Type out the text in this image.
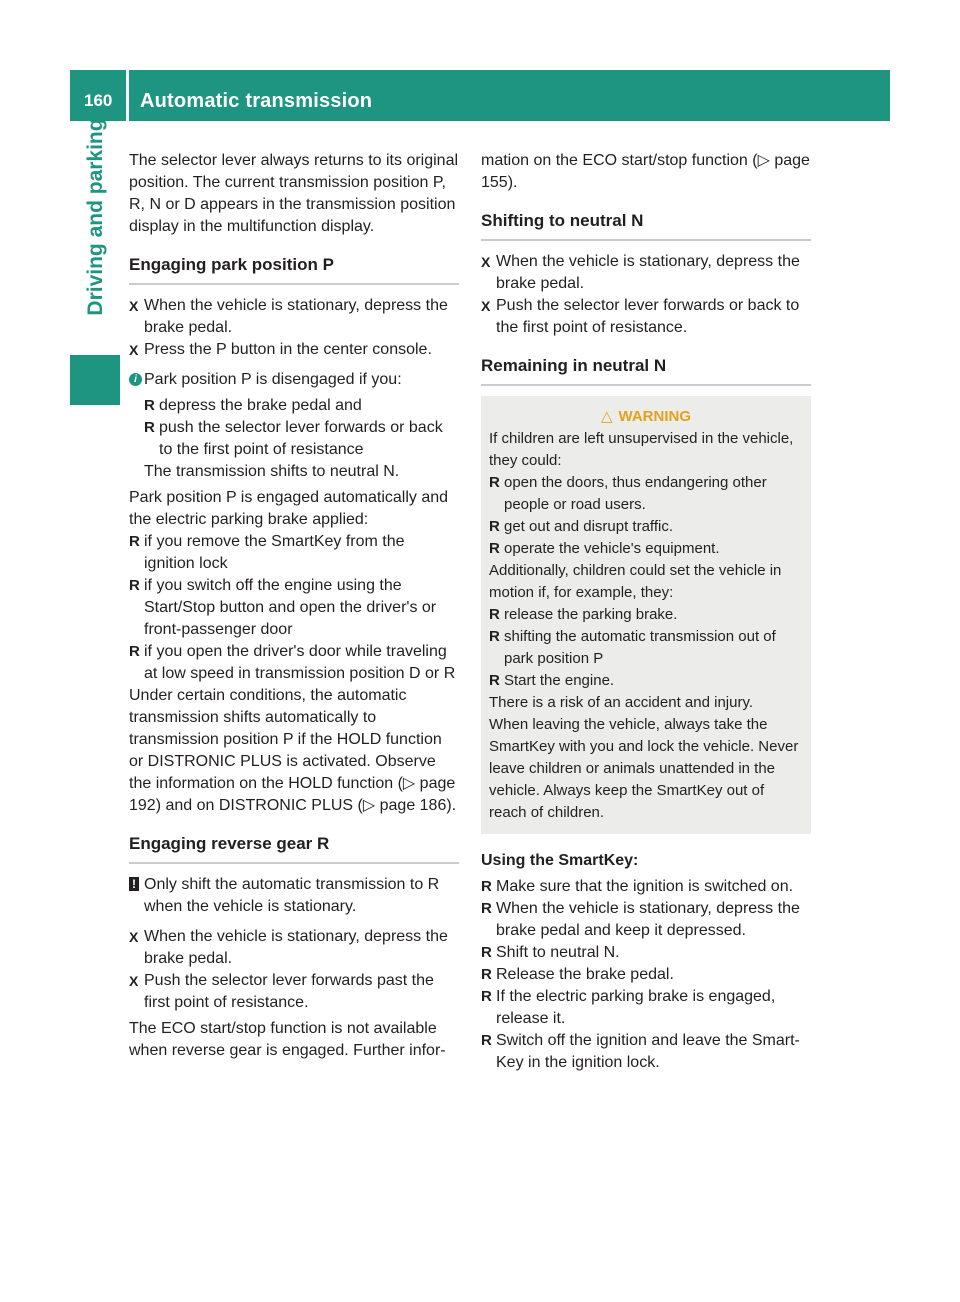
160	Automatic transmission
Driving and parking The selector lever always returns to its original position. The current transmission position P, R, N or D appears in the transmission position display in the multifunction display.

Engaging park position P

X When the vehicle is stationary, depress the brake pedal.

X Press the P button in the center console.

i Park position P is disengaged if you:

R depress the brake pedal and

R push the selector lever forwards or back to the first point of resistance

The transmission shifts to neutral N.

Park position P is engaged automatically and the electric parking brake applied:

R if you remove the SmartKey from the ignition lock

R if you switch off the engine using the Start/Stop button and open the driver's or front-passenger door

R if you open the driver's door while traveling at low speed in transmission position D or R

Under certain conditions, the automatic transmission shifts automatically to transmission position P if the HOLD function or DISTRONIC PLUS is activated. Observe the information on the HOLD function (▷ page 192) and on DISTRONIC PLUS (▷ page 186).

Engaging reverse gear R

! Only shift the automatic transmission to R when the vehicle is stationary.

X When the vehicle is stationary, depress the brake pedal.

X Push the selector lever forwards past the first point of resistance.

The ECO start/stop function is not available when reverse gear is engaged. Further infor-

mation on the ECO start/stop function (▷ page 155).

Shifting to neutral N

X When the vehicle is stationary, depress the brake pedal.

X Push the selector lever forwards or back to the first point of resistance.

Remaining in neutral N
△ WARNING

If children are left unsupervised in the vehicle, they could:

R open the doors, thus endangering other people or road users.

R get out and disrupt traffic.

R operate the vehicle's equipment.

Additionally, children could set the vehicle in motion if, for example, they:

R release the parking brake.

R shifting the automatic transmission out of park position P

R Start the engine.

There is a risk of an accident and injury.

When leaving the vehicle, always take the SmartKey with you and lock the vehicle. Never leave children or animals unattended in the vehicle. Always keep the SmartKey out of reach of children.

Using the SmartKey:

R Make sure that the ignition is switched on.

R When the vehicle is stationary, depress the brake pedal and keep it depressed.

R Shift to neutral N.

R Release the brake pedal.

R If the electric parking brake is engaged, release it.

R Switch off the ignition and leave the Smart-Key in the ignition lock.
